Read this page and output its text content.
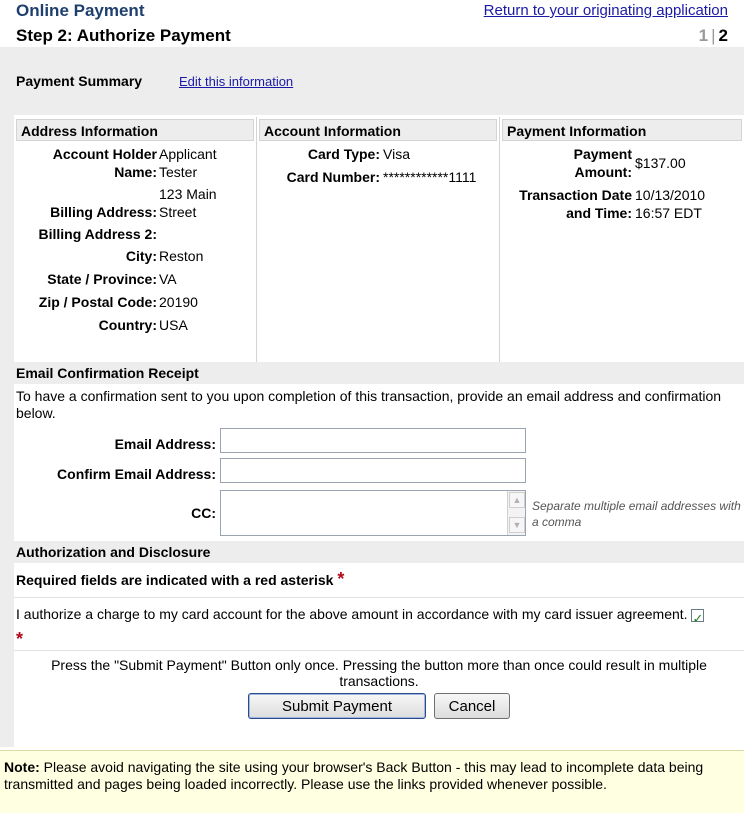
Online Payment	Return to your originating application
Step 2: Authorize Payment	1 | 2
Payment Summary	Edit this information
Address Information
Account Holder Name:
Applicant Tester
Billing Address:
123 Main Street
Billing Address 2:
City: Reston
State / Province: VA
Zip / Postal Code: 20190
Country: USA
Account Information
Card Type: Visa
Card Number: ************1111
Payment Information
Payment Amount:
$137.00
Transaction Date and Time:
10/13/2010 16:57 EDT
Email Confirmation Receipt
To have a confirmation sent to you upon completion of this transaction, provide an email address and confirmation below.
Email Address:
Confirm Email Address:
CC:
▲
▼
Separate multiple email addresses with a comma
Authorization and Disclosure
Required fields are indicated with a red asterisk *
I authorize a charge to my card account for the above amount in accordance with my card issuer agreement. ✓
*
Press the "Submit Payment" Button only once. Pressing the button more than once could result in multiple transactions.
Submit Payment	Cancel
Note: Please avoid navigating the site using your browser's Back Button - this may lead to incomplete data being transmitted and pages being loaded incorrectly. Please use the links provided whenever possible.
